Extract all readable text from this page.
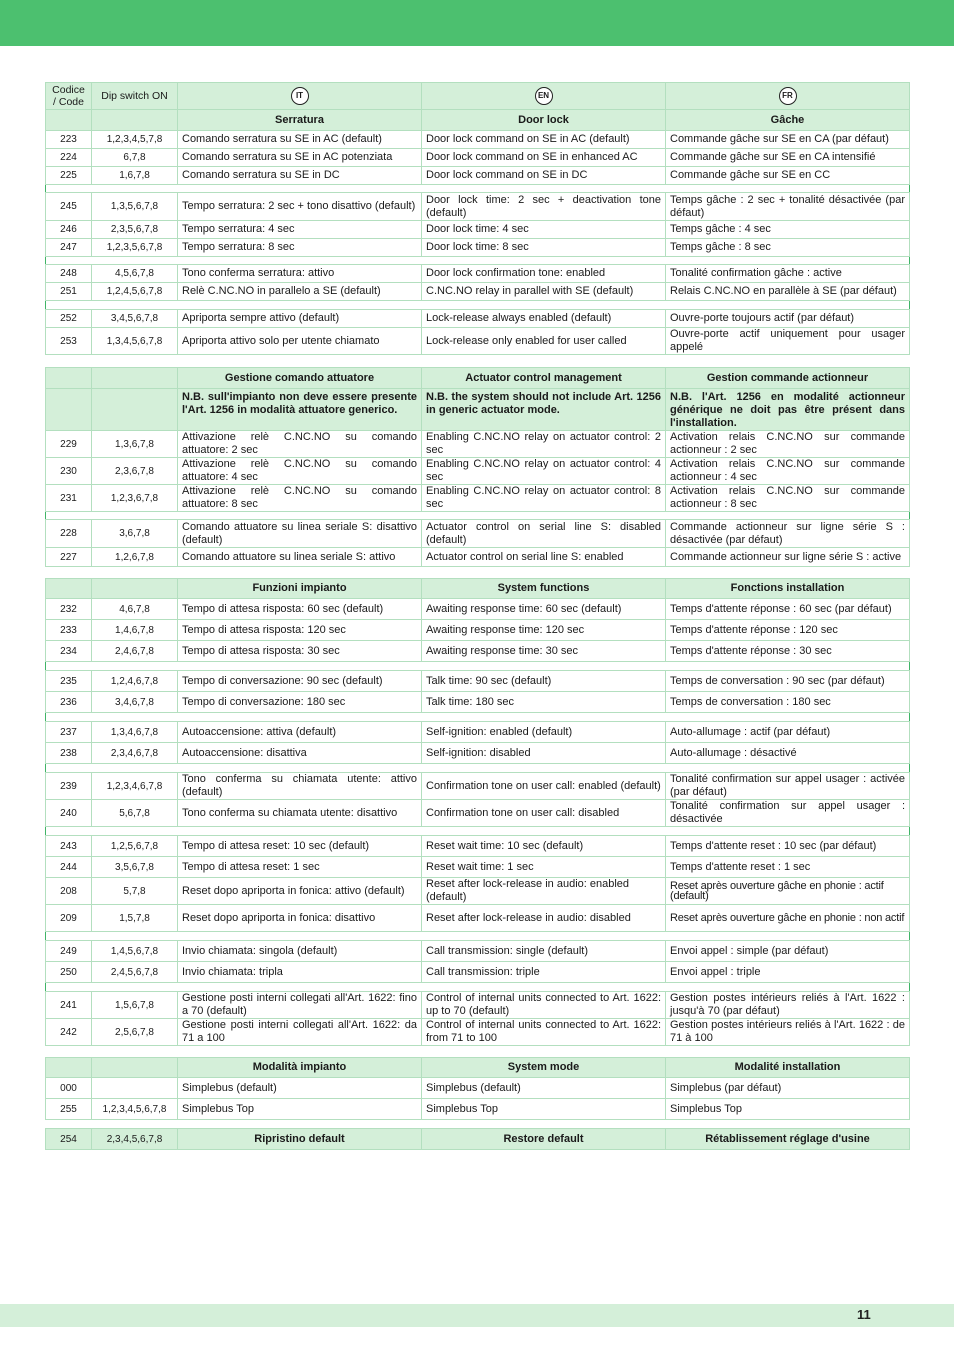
Codice / Code	Dip switch ON	IT	EN	FR
		Serratura	Door lock	Gâche
223	1,2,3,4,5,7,8	Comando serratura su SE in AC (default)	Door lock command on SE in AC (default)	Commande gâche sur SE en CA (par défaut)
224	6,7,8	Comando serratura su SE in AC potenziata	Door lock command on SE in enhanced AC	Commande gâche sur SE en CA intensifié
225	1,6,7,8	Comando serratura su SE in DC	Door lock command on SE in DC	Commande gâche sur SE en CC

245	1,3,5,6,7,8	Tempo serratura: 2 sec + tono disattivo (default)	Door lock time: 2 sec + deactivation tone (default)	Temps gâche : 2 sec + tonalité désactivée (par défaut)
246	2,3,5,6,7,8	Tempo serratura: 4 sec	Door lock time: 4 sec	Temps gâche : 4 sec
247	1,2,3,5,6,7,8	Tempo serratura: 8 sec	Door lock time: 8 sec	Temps gâche : 8 sec

248	4,5,6,7,8	Tono conferma serratura: attivo	Door lock confirmation tone: enabled	Tonalité confirmation gâche : active
251	1,2,4,5,6,7,8	Relè C.NC.NO in parallelo a SE (default)	C.NC.NO relay in parallel with SE (default)	Relais C.NC.NO en parallèle à SE (par défaut)

252	3,4,5,6,7,8	Apriporta sempre attivo (default)	Lock-release always enabled (default)	Ouvre-porte toujours actif (par défaut)
253	1,3,4,5,6,7,8	Apriporta attivo solo per utente chiamato	Lock-release only enabled for user called	Ouvre-porte actif uniquement pour usager appelé
		Gestione comando attuatore	Actuator control management	Gestion commande actionneur
		N.B. sull'impianto non deve essere presente l'Art. 1256 in modalità attuatore generico.	N.B. the system should not include Art. 1256 in generic actuator mode.	N.B. l'Art. 1256 en modalité actionneur générique ne doit pas être présent dans l'installation.
229	1,3,6,7,8	Attivazione relè C.NC.NO su comando attuatore: 2 sec	Enabling C.NC.NO relay on actuator control: 2 sec	Activation relais C.NC.NO sur commande actionneur : 2 sec
230	2,3,6,7,8	Attivazione relè C.NC.NO su comando attuatore: 4 sec	Enabling C.NC.NO relay on actuator control: 4 sec	Activation relais C.NC.NO sur commande actionneur : 4 sec
231	1,2,3,6,7,8	Attivazione relè C.NC.NO su comando attuatore: 8 sec	Enabling C.NC.NO relay on actuator control: 8 sec	Activation relais C.NC.NO sur commande actionneur : 8 sec

228	3,6,7,8	Comando attuatore su linea seriale S: disattivo (default)	Actuator control on serial line S: disabled (default)	Commande actionneur sur ligne série S : désactivée (par défaut)
227	1,2,6,7,8	Comando attuatore su linea seriale S: attivo	Actuator control on serial line S: enabled	Commande actionneur sur ligne série S : active
		Funzioni impianto	System functions	Fonctions installation
232	4,6,7,8	Tempo di attesa risposta: 60 sec (default)	Awaiting response time: 60 sec (default)	Temps d'attente réponse : 60 sec (par défaut)
233	1,4,6,7,8	Tempo di attesa risposta: 120 sec	Awaiting response time: 120 sec	Temps d'attente réponse : 120 sec
234	2,4,6,7,8	Tempo di attesa risposta: 30 sec	Awaiting response time: 30 sec	Temps d'attente réponse : 30 sec

235	1,2,4,6,7,8	Tempo di conversazione: 90 sec (default)	Talk time: 90 sec (default)	Temps de conversation : 90 sec (par défaut)
236	3,4,6,7,8	Tempo di conversazione: 180 sec	Talk time: 180 sec	Temps de conversation : 180 sec

237	1,3,4,6,7,8	Autoaccensione: attiva (default)	Self-ignition: enabled (default)	Auto-allumage : actif (par défaut)
238	2,3,4,6,7,8	Autoaccensione: disattiva	Self-ignition: disabled	Auto-allumage : désactivé

239	1,2,3,4,6,7,8	Tono conferma su chiamata utente: attivo (default)	Confirmation tone on user call: enabled (default)	Tonalité confirmation sur appel usager : activée (par défaut)
240	5,6,7,8	Tono conferma su chiamata utente: disattivo	Confirmation tone on user call: disabled	Tonalité confirmation sur appel usager : désactivée

243	1,2,5,6,7,8	Tempo di attesa reset: 10 sec (default)	Reset wait time: 10 sec (default)	Temps d'attente reset : 10 sec (par défaut)
244	3,5,6,7,8	Tempo di attesa reset: 1 sec	Reset wait time: 1 sec	Temps d'attente reset : 1 sec
208	5,7,8	Reset dopo apriporta in fonica: attivo (default)	Reset after lock-release in audio: enabled (default)	Reset après ouverture gâche en phonie : actif (default)
209	1,5,7,8	Reset dopo apriporta in fonica: disattivo	Reset after lock-release in audio: disabled	Reset après ouverture gâche en phonie : non actif

249	1,4,5,6,7,8	Invio chiamata: singola (default)	Call transmission: single (default)	Envoi appel : simple (par défaut)
250	2,4,5,6,7,8	Invio chiamata: tripla	Call transmission: triple	Envoi appel : triple

241	1,5,6,7,8	Gestione posti interni collegati all'Art. 1622: fino a 70 (default)	Control of internal units connected to Art. 1622: up to 70 (default)	Gestion postes intérieurs reliés à l'Art. 1622 : jusqu'à 70 (par défaut)
242	2,5,6,7,8	Gestione posti interni collegati all'Art. 1622: da 71 a 100	Control of internal units connected to Art. 1622: from 71 to 100	Gestion postes intérieurs reliés à l'Art. 1622 : de 71 à 100
		Modalità impianto	System mode	Modalité installation
000		Simplebus (default)	Simplebus (default)	Simplebus (par défaut)
255	1,2,3,4,5,6,7,8	Simplebus Top	Simplebus Top	Simplebus Top
254	2,3,4,5,6,7,8	Ripristino default	Restore default	Rétablissement réglage d'usine
11
